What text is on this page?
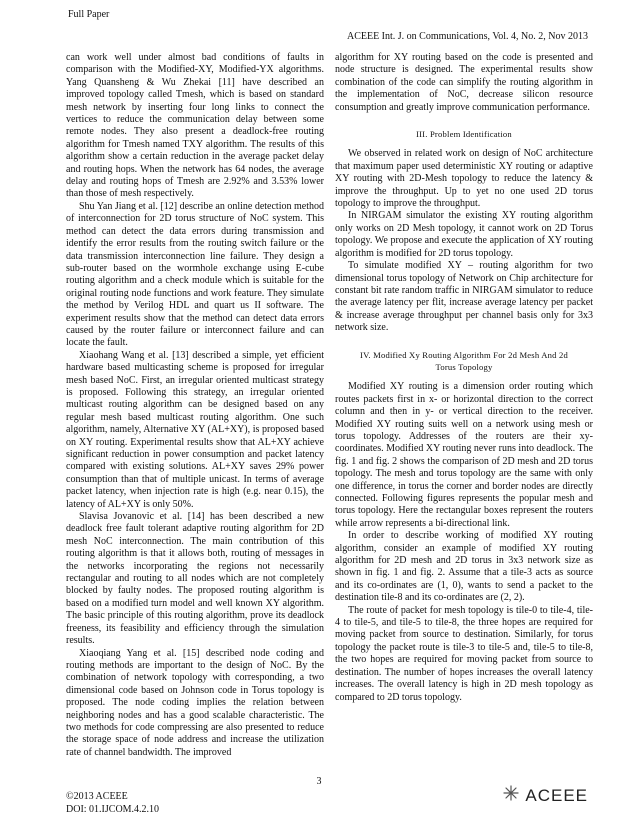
Full Paper
ACEEE Int. J. on Communications, Vol. 4, No. 2, Nov 2013

can work well under almost bad conditions of faults in comparison with the Modified-XY, Modified-YX algorithms. Yang Quansheng & Wu Zhekai [11] have described an improved topology called Tmesh, which is based on standard mesh network by inserting four long links to connect the vertices to reduce the communication delay between some remote nodes. They also present a deadlock-free routing algorithm for Tmesh named TXY algorithm. The results of this algorithm show a certain reduction in the average packet delay and routing hops. When the network has 64 nodes, the average delay and routing hops of Tmesh are 2.92% and 3.53% lower than those of mesh respectively.

Shu Yan Jiang et al. [12] describe an online detection method of interconnection for 2D torus structure of NoC system. This method can detect the data errors during transmission and identify the error results from the routing switch failure or the data transmission interconnection line failure. They design a sub-router based on the wormhole exchange using E-cube routing algorithm and a check module which is suitable for the original routing node functions and work feature. They simulate the method by Verilog HDL and quart us II software. The experiment results show that the method can detect data errors caused by the router failure or interconnect failure and can locate the fault.

Xiaohang Wang et al. [13] described a simple, yet efficient hardware based multicasting scheme is proposed for irregular mesh based NoC. First, an irregular oriented multicast strategy is proposed. Following this strategy, an irregular oriented multicast routing algorithm can be designed based on any regular mesh based multicast routing algorithm. One such algorithm, namely, Alternative XY (AL+XY), is proposed based on XY routing. Experimental results show that AL+XY achieve significant reduction in power consumption and packet latency compared with existing solutions. AL+XY saves 29% power consumption than that of multiple unicast. In terms of average packet latency, when injection rate is high (e.g. near 0.15), the latency of AL+XY is only 50%.

Slavisa Jovanovic et al. [14] has been described a new deadlock free fault tolerant adaptive routing algorithm for 2D mesh NoC interconnection. The main contribution of this routing algorithm is that it allows both, routing of messages in the networks incorporating the regions not necessarily rectangular and routing to all nodes which are not completely blocked by faulty nodes. The proposed routing algorithm is based on a modified turn model and well known XY algorithm. The basic principle of this routing algorithm, prove its deadlock freeness, its feasibility and efficiency through the simulation results.

Xiaoqiang Yang et al. [15] described node coding and routing methods are important to the design of NoC. By the combination of network topology with corresponding, a two dimensional code based on Johnson code in Torus topology is proposed. The node coding implies the relation between neighboring nodes and has a good scalable characteristic. The two methods for code compressing are also presented to reduce the storage space of node address and increase the utilization rate of channel bandwidth. The improved

algorithm for XY routing based on the code is presented and node structure is designed. The experimental results show combination of the code can simplify the routing algorithm in the implementation of NoC, decrease silicon resource consumption and greatly improve communication performance.

III. Problem Identification

We observed in related work on design of NoC architecture that maximum paper used deterministic XY routing or adaptive XY routing with 2D-Mesh topology to reduce the latency & improve the throughput. Up to yet no one used 2D torus topology to improve the throughput.

In NIRGAM simulator the existing XY routing algorithm only works on 2D Mesh topology, it cannot work on 2D Torus topology. We propose and execute the application of XY routing algorithm is modified for 2D torus topology.

To simulate modified XY – routing algorithm for two dimensional torus topology of Network on Chip architecture for constant bit rate random traffic in NIRGAM simulator to reduce the average latency per flit, increase average latency per packet & increase average throughput per channel basis only for 3x3 network size.

IV. Modified Xy Routing Algorithm For 2d Mesh And 2d
Torus Topology

Modified XY routing is a dimension order routing which routes packets first in x- or horizontal direction to the correct column and then in y- or vertical direction to the receiver. Modified XY routing suits well on a network using mesh or torus topology. Addresses of the routers are their xy-coordinates. Modified XY routing never runs into deadlock. The fig. 1 and fig. 2 shows the comparison of 2D mesh and 2D torus topology. The mesh and torus topology are the same with only one difference, in torus the corner and border nodes are directly connected. Following figures represents the popular mesh and torus topology. Here the rectangular boxes represent the routers while arrow represents a bi-directional link.

In order to describe working of modified XY routing algorithm, consider an example of modified XY routing algorithm for 2D mesh and 2D torus in 3x3 network size as shown in fig. 1 and fig. 2. Assume that a tile-3 acts as source and its co-ordinates are (1, 0), wants to send a packet to the destination tile-8 and its co-ordinates are (2, 2).

The route of packet for mesh topology is tile-0 to tile-4, tile-4 to tile-5, and tile-5 to tile-8, the three hopes are required for moving packet from source to destination. Similarly, for torus topology the packet route is tile-3 to tile-5 and, tile-5 to tile-8, the two hopes are required for moving packet from source to destination. The number of hopes increases the overall latency increases. The overall latency is high in 2D mesh topology as compared to 2D torus topology.

3
©2013 ACEEE
DOI: 01.IJCOM.4.2.10
ACEEE
